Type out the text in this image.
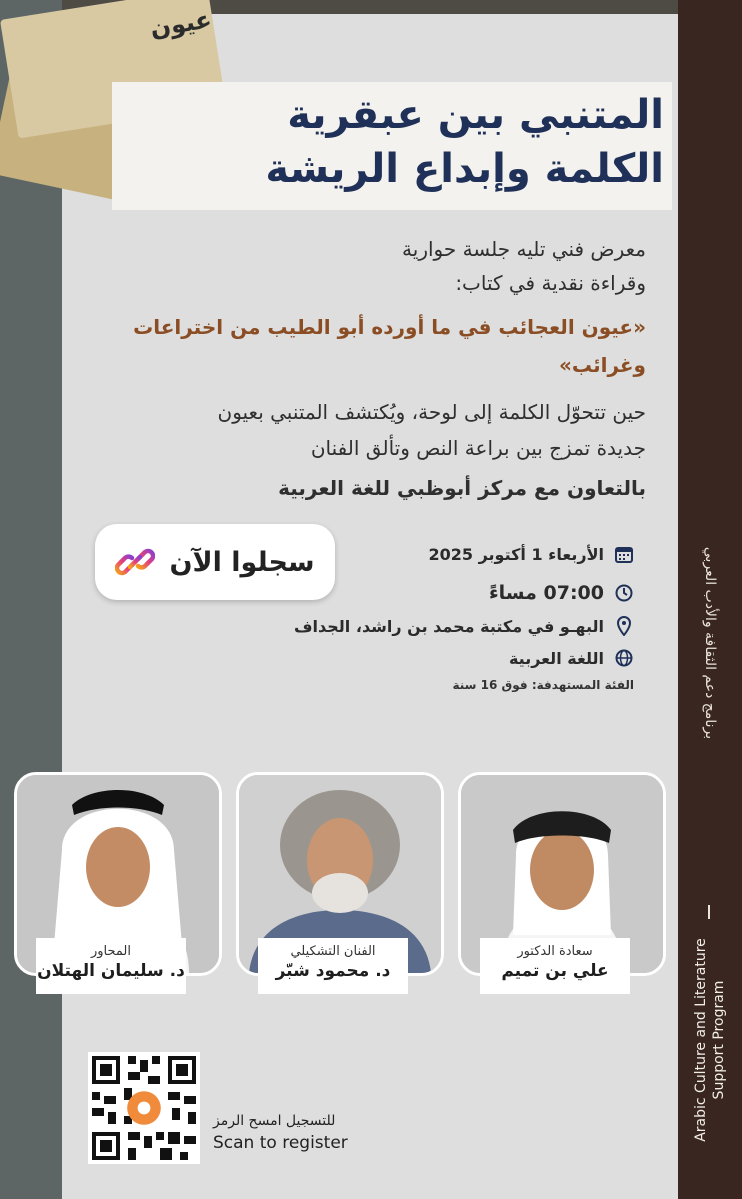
عيون
المتنبي بين عبقرية
الكلمة وإبداع الريشة
معرض فني تليه جلسة حوارية
وقراءة نقدية في كتاب:
«عيون العجائب في ما أورده أبو الطيب من اختراعات وغرائب»
حين تتحوّل الكلمة إلى لوحة، ويُكتشف المتنبي بعيون
جديدة تمزج بين براعة النص وتألق الفنان
بالتعاون مع مركز أبوظبي للغة العربية
سجلوا الآن	الأربعاء 1 أكتوبر 2025
07:00 مساءً
البهـو في مكتبة محمد بن راشد، الجداف
اللغة العربية
الفئة المستهدفة: فوق 16 سنة
سعادة الدكتور
علي بن تميم
الفنان التشكيلي
د. محمود شبّر
المحاور
د. سليمان الهتلان
للتسجيل امسح الرمز
Scan to register
برنامج دعم الثقافة والأدب العربي
Arabic Culture and Literature Support Program
